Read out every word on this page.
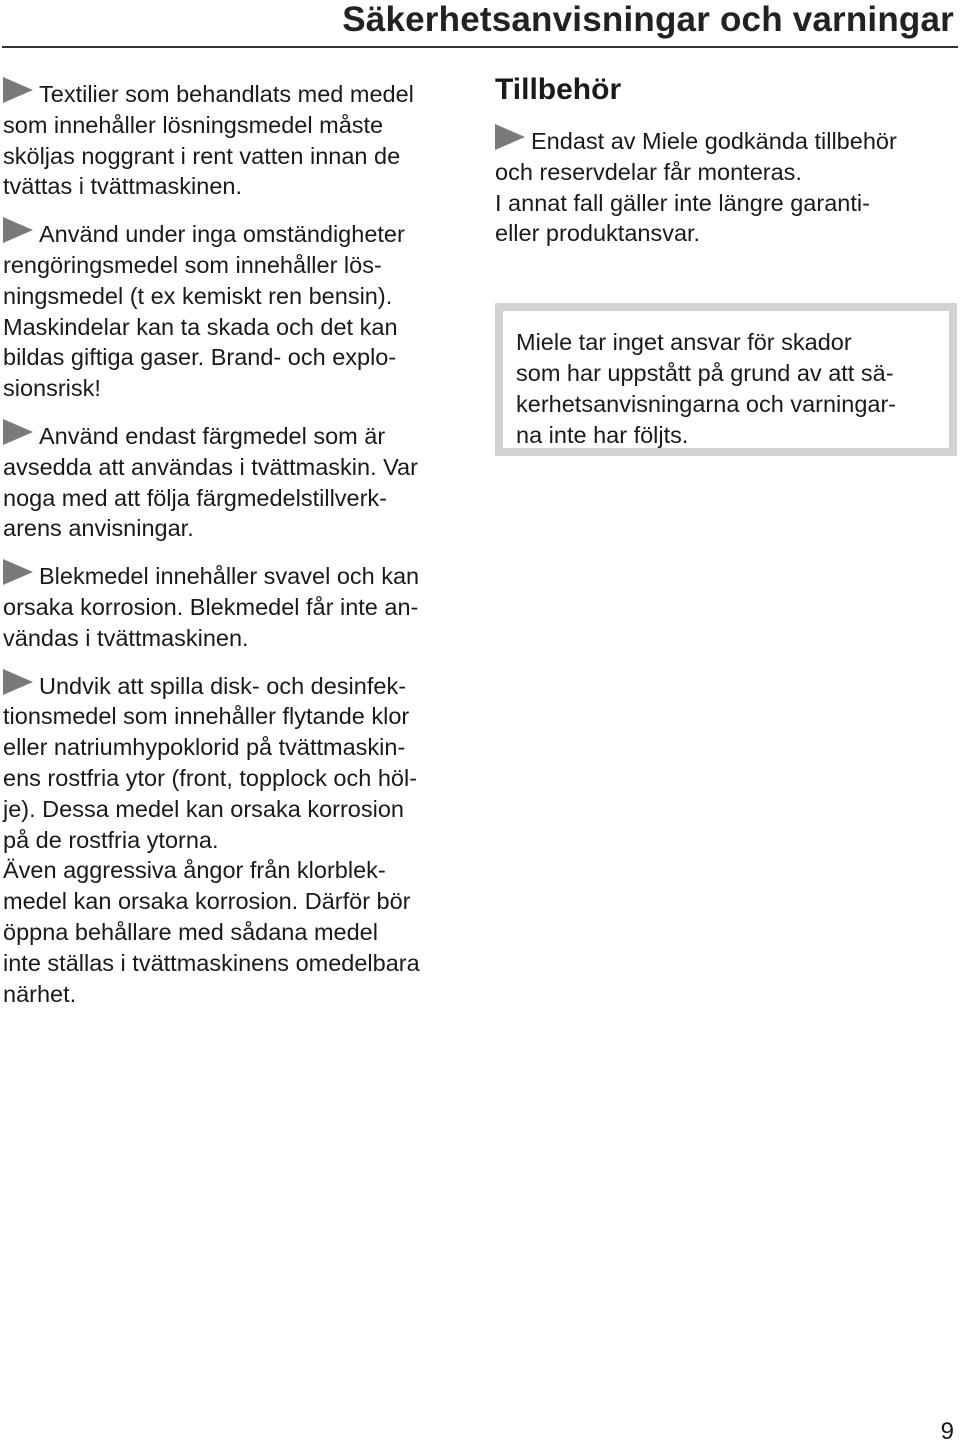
Säkerhetsanvisningar och varningar
Textilier som behandlats med medel
som innehåller lösningsmedel måste
sköljas noggrant i rent vatten innan de
tvättas i tvättmaskinen.
Använd under inga omständigheter
rengöringsmedel som innehåller lös-
ningsmedel (t ex kemiskt ren bensin).
Maskindelar kan ta skada och det kan
bildas giftiga gaser. Brand- och explo-
sionsrisk!
Använd endast färgmedel som är
avsedda att användas i tvättmaskin. Var
noga med att följa färgmedelstillverk-
arens anvisningar.
Blekmedel innehåller svavel och kan
orsaka korrosion. Blekmedel får inte an-
vändas i tvättmaskinen.
Undvik att spilla disk- och desinfek-
tionsmedel som innehåller flytande klor
eller natriumhypoklorid på tvättmaskin-
ens rostfria ytor (front, topplock och höl-
je). Dessa medel kan orsaka korrosion
på de rostfria ytorna.
Även aggressiva ångor från klorblek-
medel kan orsaka korrosion. Därför bör
öppna behållare med sådana medel
inte ställas i tvättmaskinens omedelbara
närhet.
Tillbehör
Endast av Miele godkända tillbehör
och reservdelar får monteras.
I annat fall gäller inte längre garanti-
eller produktansvar.
Miele tar inget ansvar för skador
som har uppstått på grund av att sä-
kerhetsanvisningarna och varningar-
na inte har följts.
9
